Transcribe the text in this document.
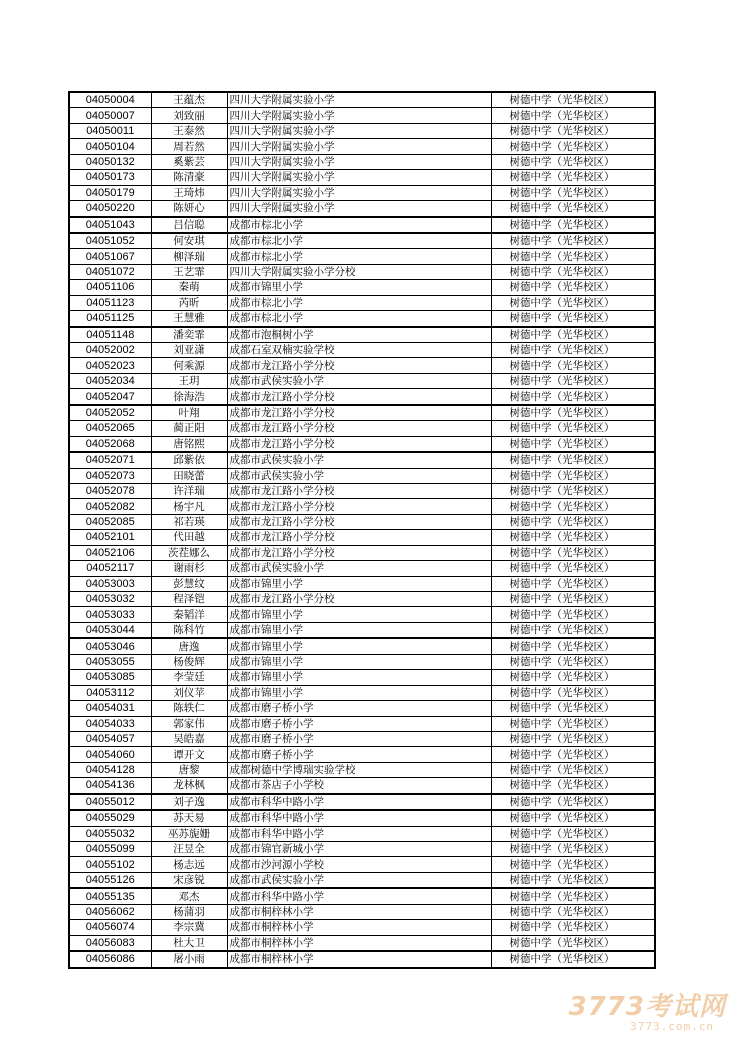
04050004	王蕴杰	四川大学附属实验小学	树德中学（光华校区）
04050007	刘致丽	四川大学附属实验小学	树德中学（光华校区）
04050011	王泰然	四川大学附属实验小学	树德中学（光华校区）
04050104	周若然	四川大学附属实验小学	树德中学（光华校区）
04050132	奚紫芸	四川大学附属实验小学	树德中学（光华校区）
04050173	陈清豪	四川大学附属实验小学	树德中学（光华校区）
04050179	王琦炜	四川大学附属实验小学	树德中学（光华校区）
04050220	陈妍心	四川大学附属实验小学	树德中学（光华校区）
04051043	吕信聪	成都市棕北小学	树德中学（光华校区）
04051052	何安琪	成都市棕北小学	树德中学（光华校区）
04051067	柳泽瑞	成都市棕北小学	树德中学（光华校区）
04051072	王艺霏	四川大学附属实验小学分校	树德中学（光华校区）
04051106	秦萌	成都市锦里小学	树德中学（光华校区）
04051123	芮昕	成都市棕北小学	树德中学（光华校区）
04051125	王慧雅	成都市棕北小学	树德中学（光华校区）
04051148	潘奕霏	成都市泡桐树小学	树德中学（光华校区）
04052002	刘亚潇	成都石室双楠实验学校	树德中学（光华校区）
04052023	何乘源	成都市龙江路小学分校	树德中学（光华校区）
04052034	王玥	成都市武侯实验小学	树德中学（光华校区）
04052047	徐海浩	成都市龙江路小学分校	树德中学（光华校区）
04052052	叶翔	成都市龙江路小学分校	树德中学（光华校区）
04052065	蔺正阳	成都市龙江路小学分校	树德中学（光华校区）
04052068	唐铭熙	成都市龙江路小学分校	树德中学（光华校区）
04052071	邱紫依	成都市武侯实验小学	树德中学（光华校区）
04052073	田晓蕾	成都市武侯实验小学	树德中学（光华校区）
04052078	许洋瑞	成都市龙江路小学分校	树德中学（光华校区）
04052082	杨宇凡	成都市龙江路小学分校	树德中学（光华校区）
04052085	祁若瑛	成都市龙江路小学分校	树德中学（光华校区）
04052101	代田越	成都市龙江路小学分校	树德中学（光华校区）
04052106	茨茬娜么	成都市龙江路小学分校	树德中学（光华校区）
04052117	谢雨杉	成都市武侯实验小学	树德中学（光华校区）
04053003	彭慧纹	成都市锦里小学	树德中学（光华校区）
04053032	程泽铠	成都市龙江路小学分校	树德中学（光华校区）
04053033	秦韬洋	成都市锦里小学	树德中学（光华校区）
04053044	陈科竹	成都市锦里小学	树德中学（光华校区）
04053046	唐逸	成都市锦里小学	树德中学（光华校区）
04053055	杨俊辉	成都市锦里小学	树德中学（光华校区）
04053085	李莹廷	成都市锦里小学	树德中学（光华校区）
04053112	刘仪苹	成都市锦里小学	树德中学（光华校区）
04054031	陈轶仁	成都市磨子桥小学	树德中学（光华校区）
04054033	郭家伟	成都市磨子桥小学	树德中学（光华校区）
04054057	吴皓嘉	成都市磨子桥小学	树德中学（光华校区）
04054060	谭开文	成都市磨子桥小学	树德中学（光华校区）
04054128	唐黎	成都树德中学博瑞实验学校	树德中学（光华校区）
04054136	龙林枫	成都市茶店子小学校	树德中学（光华校区）
04055012	刘子逸	成都市科华中路小学	树德中学（光华校区）
04055029	苏天易	成都市科华中路小学	树德中学（光华校区）
04055032	巫苏旎姗	成都市科华中路小学	树德中学（光华校区）
04055099	汪昱全	成都市锦官新城小学	树德中学（光华校区）
04055102	杨志远	成都市沙河源小学校	树德中学（光华校区）
04055126	宋彦锐	成都市武侯实验小学	树德中学（光华校区）
04055135	邓杰	成都市科华中路小学	树德中学（光华校区）
04056062	杨蒲羽	成都市桐梓林小学	树德中学（光华校区）
04056074	李宗冀	成都市桐梓林小学	树德中学（光华校区）
04056083	杜大卫	成都市桐梓林小学	树德中学（光华校区）
04056086	屠小雨	成都市桐梓林小学	树德中学（光华校区）
3773考试网
3773.com.cn
